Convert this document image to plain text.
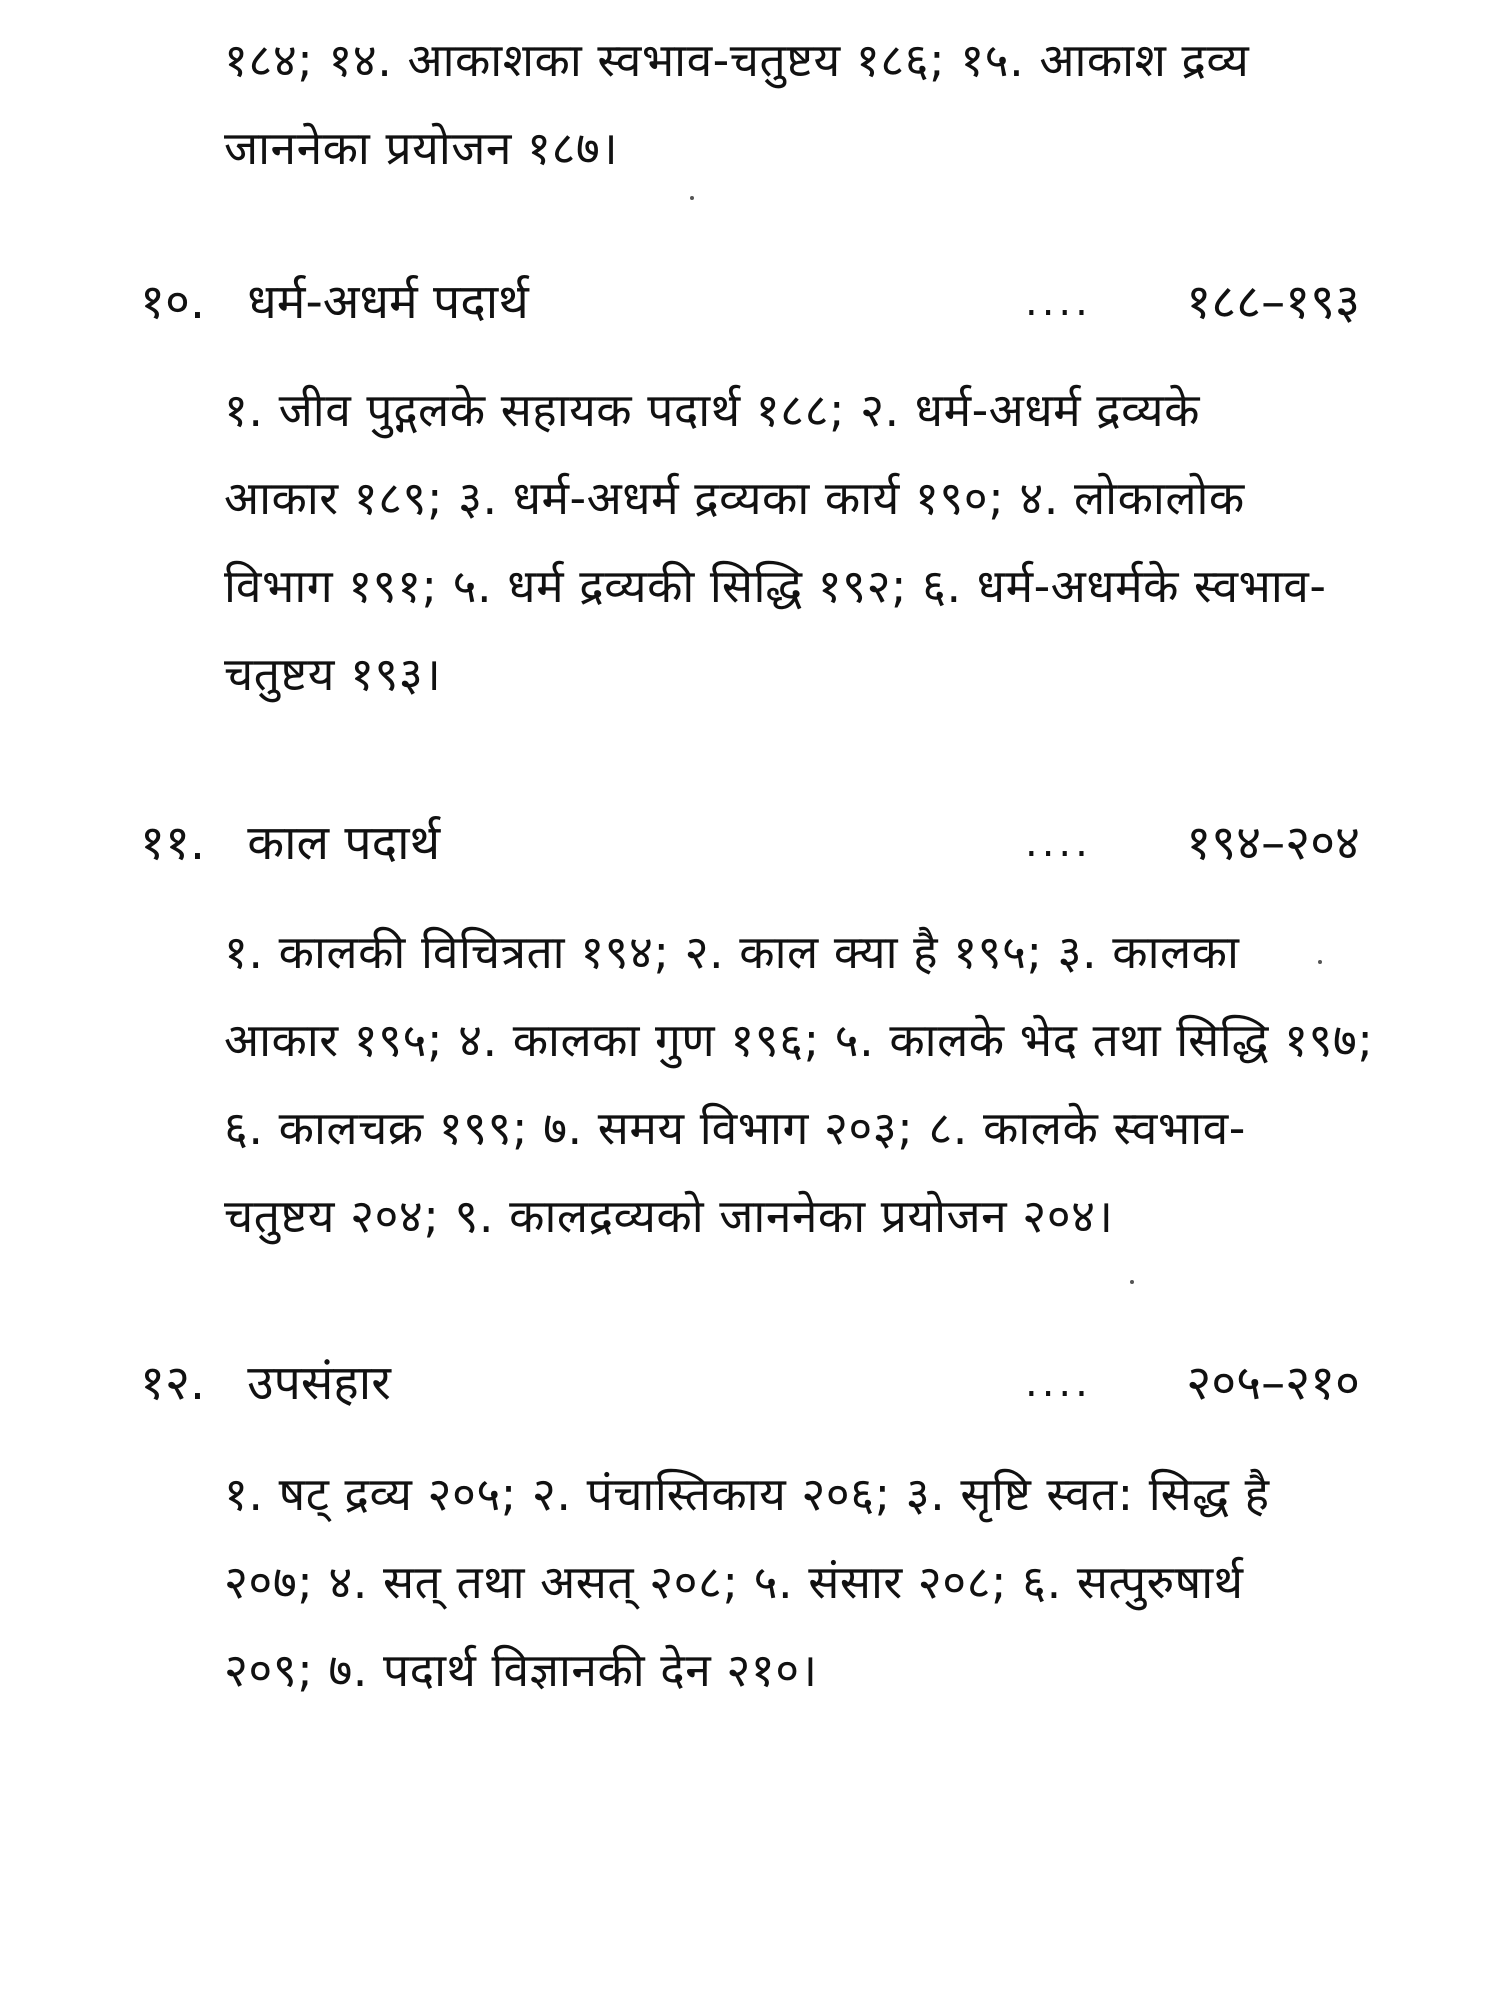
१८४; १४. आकाशका स्वभाव-चतुष्टय १८६; १५. आकाश द्रव्य
जाननेका प्रयोजन १८७।
१०. धर्म-अधर्म पदार्थ	.... १८८–१९३
१. जीव पुद्गलके सहायक पदार्थ १८८; २. धर्म-अधर्म द्रव्यके
आकार १८९; ३. धर्म-अधर्म द्रव्यका कार्य १९०; ४. लोकालोक
विभाग १९१; ५. धर्म द्रव्यकी सिद्धि १९२; ६. धर्म-अधर्मके स्वभाव-
चतुष्टय १९३।
११. काल पदार्थ	.... १९४–२०४
१. कालकी विचित्रता १९४; २. काल क्या है १९५; ३. कालका
आकार १९५; ४. कालका गुण १९६; ५. कालके भेद तथा सिद्धि १९७;
६. कालचक्र १९९; ७. समय विभाग २०३; ८. कालके स्वभाव-
चतुष्टय २०४; ९. कालद्रव्यको जाननेका प्रयोजन २०४।
१२. उपसंहार	.... २०५–२१०
१. षट् द्रव्य २०५; २. पंचास्तिकाय २०६; ३. सृष्टि स्वत: सिद्ध है
२०७; ४. सत् तथा असत् २०८; ५. संसार २०८; ६. सत्पुरुषार्थ
२०९; ७. पदार्थ विज्ञानकी देन २१०।
